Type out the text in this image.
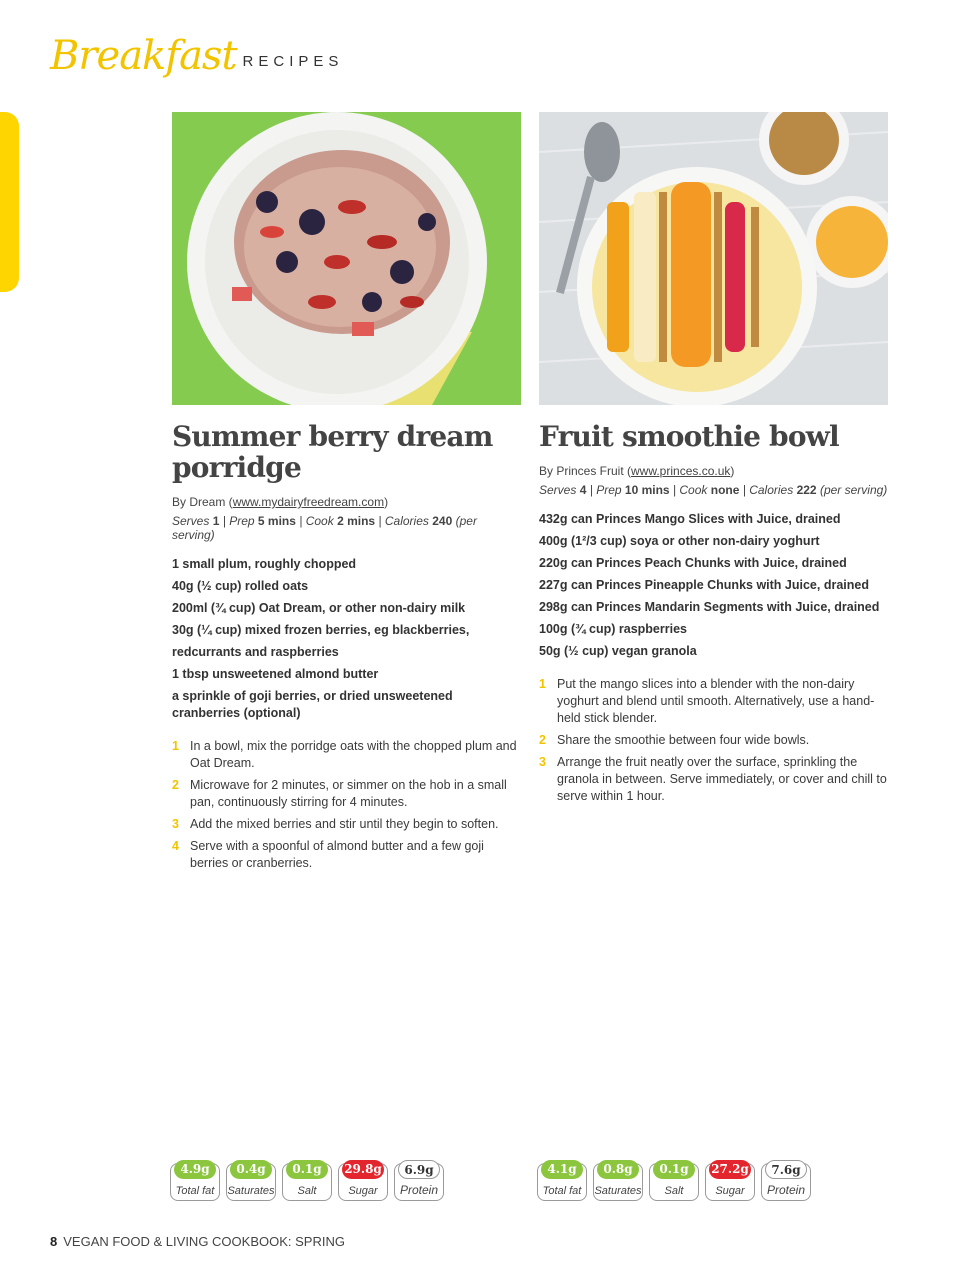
Breakfast RECIPES
Summer berry dream porridge
By Dream (www.mydairyfreedream.com)
Serves 1 | Prep 5 mins | Cook 2 mins | Calories 240 (per serving)
1 small plum, roughly chopped
40g (½ cup) rolled oats
200ml (¾ cup) Oat Dream, or other non-dairy milk
30g (¼ cup) mixed frozen berries, eg blackberries,
redcurrants and raspberries
1 tbsp unsweetened almond butter
a sprinkle of goji berries, or dried unsweetened cranberries (optional)
1 In a bowl, mix the porridge oats with the chopped plum and Oat Dream.
2 Microwave for 2 minutes, or simmer on the hob in a small pan, continuously stirring for 4 minutes.
3 Add the mixed berries and stir until they begin to soften.
4 Serve with a spoonful of almond butter and a few goji berries or cranberries.
Fruit smoothie bowl
By Princes Fruit (www.princes.co.uk)
Serves 4 | Prep 10 mins | Cook none | Calories 222 (per serving)
432g can Princes Mango Slices with Juice, drained
400g (1²/3 cup) soya or other non-dairy yoghurt
220g can Princes Peach Chunks with Juice, drained
227g can Princes Pineapple Chunks with Juice, drained
298g can Princes Mandarin Segments with Juice, drained
100g (¾ cup) raspberries
50g (½ cup) vegan granola
1 Put the mango slices into a blender with the non-dairy yoghurt and blend until smooth. Alternatively, use a hand-held stick blender.
2 Share the smoothie between four wide bowls.
3 Arrange the fruit neatly over the surface, sprinkling the granola in between. Serve immediately, or cover and chill to serve within 1 hour.
4.9g
Total fat
0.4g
Saturates
0.1g
Salt
29.8g
Sugar
6.9g
Protein
4.1g
Total fat
0.8g
Saturates
0.1g
Salt
27.2g
Sugar
7.6g
Protein
8 VEGAN FOOD & LIVING COOKBOOK: SPRING
